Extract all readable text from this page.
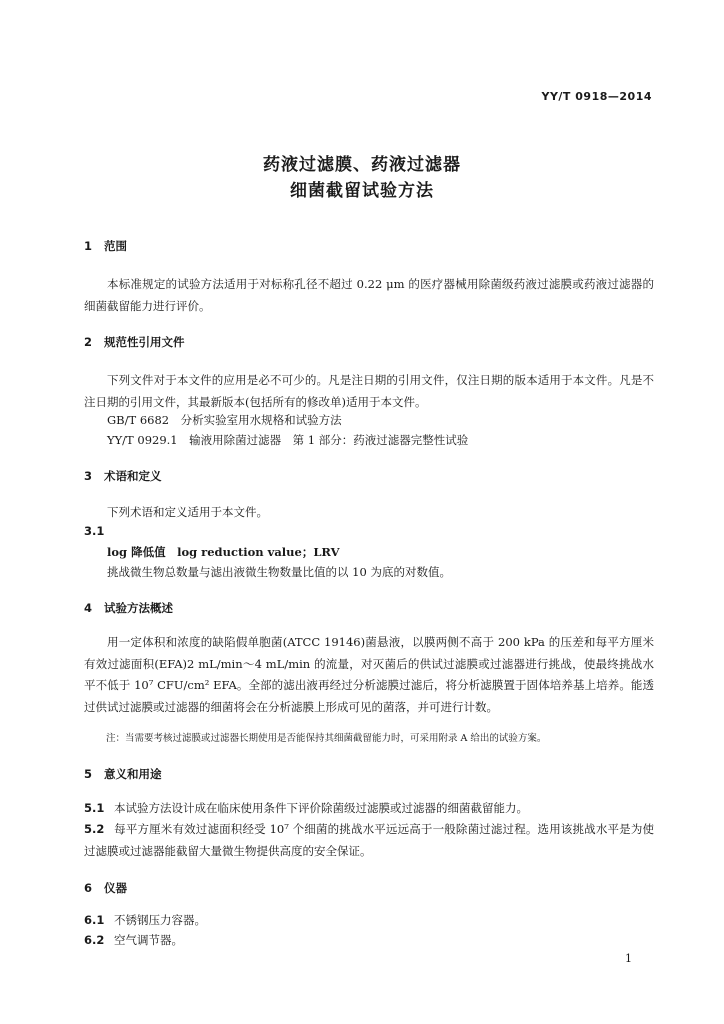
YY/T 0918—2014
药液过滤膜、药液过滤器
细菌截留试验方法
1 范围
本标准规定的试验方法适用于对标称孔径不超过 0.22 μm 的医疗器械用除菌级药液过滤膜或药液过滤器的细菌截留能力进行评价。
2 规范性引用文件
下列文件对于本文件的应用是必不可少的。凡是注日期的引用文件，仅注日期的版本适用于本文件。凡是不注日期的引用文件，其最新版本(包括所有的修改单)适用于本文件。
GB/T 6682　分析实验室用水规格和试验方法
YY/T 0929.1　输液用除菌过滤器　第 1 部分：药液过滤器完整性试验
3 术语和定义
下列术语和定义适用于本文件。
3.1
log 降低值　log reduction value；LRV
挑战微生物总数量与滤出液微生物数量比值的以 10 为底的对数值。
4 试验方法概述
用一定体积和浓度的缺陷假单胞菌(ATCC 19146)菌悬液，以膜两侧不高于 200 kPa 的压差和每平方厘米有效过滤面积(EFA)2 mL/min～4 mL/min 的流量，对灭菌后的供试过滤膜或过滤器进行挑战，使最终挑战水平不低于 10⁷ CFU/cm² EFA。全部的滤出液再经过分析滤膜过滤后，将分析滤膜置于固体培养基上培养。能透过供试过滤膜或过滤器的细菌将会在分析滤膜上形成可见的菌落，并可进行计数。
注：当需要考核过滤膜或过滤器长期使用是否能保持其细菌截留能力时，可采用附录 A 给出的试验方案。
5 意义和用途
5.1 本试验方法设计成在临床使用条件下评价除菌级过滤膜或过滤器的细菌截留能力。
5.2 每平方厘米有效过滤面积经受 10⁷ 个细菌的挑战水平远远高于一般除菌过滤过程。选用该挑战水平是为使过滤膜或过滤器能截留大量微生物提供高度的安全保证。
6 仪器
6.1 不锈钢压力容器。
6.2 空气调节器。
1
